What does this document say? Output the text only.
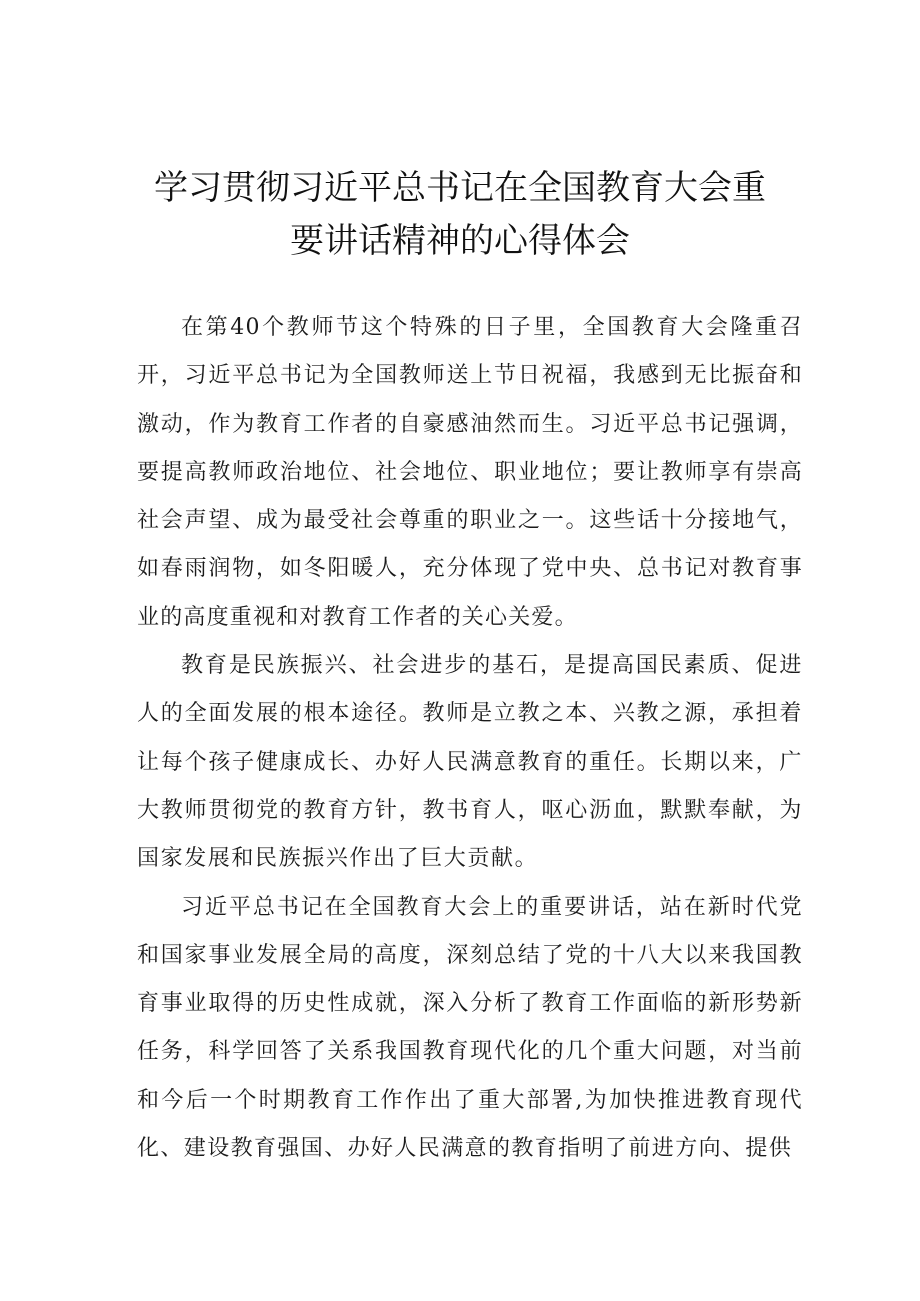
学习贯彻习近平总书记在全国教育大会重
要讲话精神的心得体会

在第40个教师节这个特殊的日子里，全国教育大会隆重召开，习近平总书记为全国教师送上节日祝福，我感到无比振奋和激动，作为教育工作者的自豪感油然而生。习近平总书记强调，要提高教师政治地位、社会地位、职业地位；要让教师享有崇高社会声望、成为最受社会尊重的职业之一。这些话十分接地气，如春雨润物，如冬阳暖人，充分体现了党中央、总书记对教育事业的高度重视和对教育工作者的关心关爱。

教育是民族振兴、社会进步的基石，是提高国民素质、促进人的全面发展的根本途径。教师是立教之本、兴教之源，承担着让每个孩子健康成长、办好人民满意教育的重任。长期以来，广大教师贯彻党的教育方针，教书育人，呕心沥血，默默奉献，为国家发展和民族振兴作出了巨大贡献。

习近平总书记在全国教育大会上的重要讲话，站在新时代党和国家事业发展全局的高度，深刻总结了党的十八大以来我国教育事业取得的历史性成就，深入分析了教育工作面临的新形势新任务，科学回答了关系我国教育现代化的几个重大问题，对当前和今后一个时期教育工作作出了重大部署,为加快推进教育现代化、建设教育强国、办好人民满意的教育指明了前进方向、提供
